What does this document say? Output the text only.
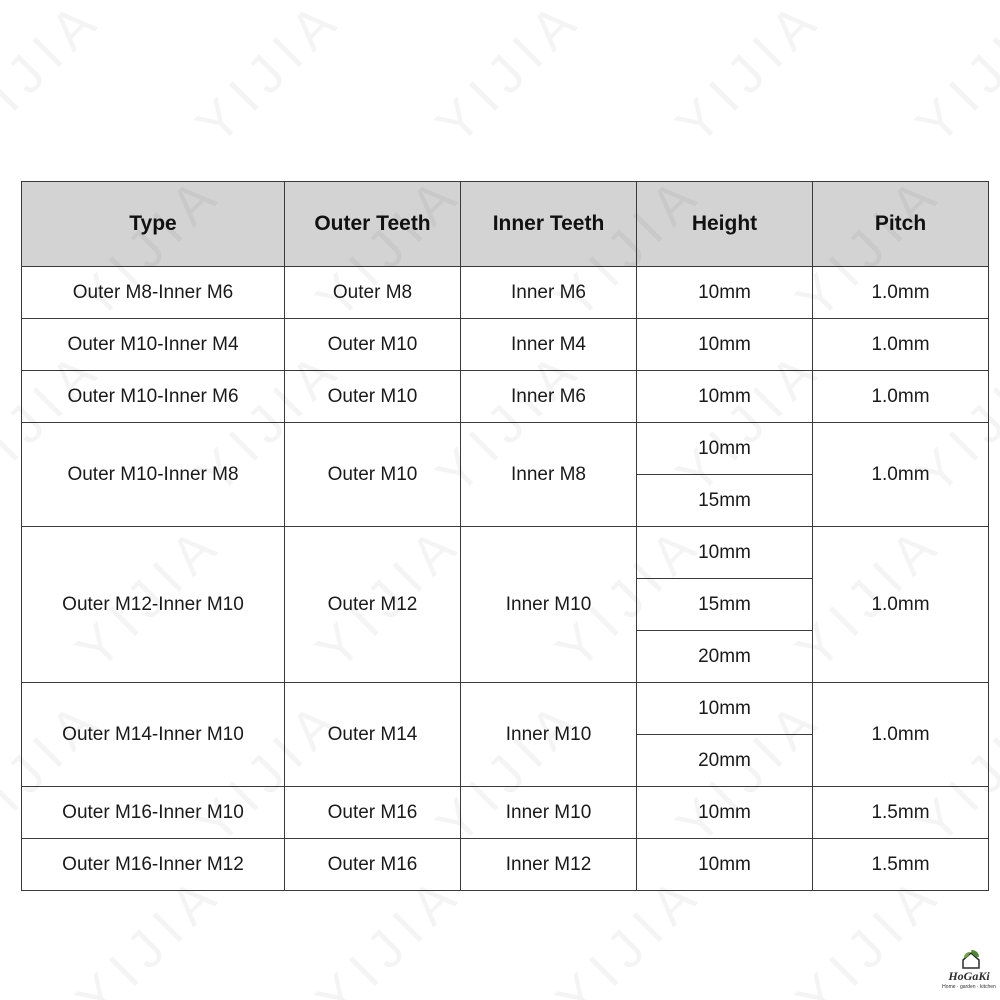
Type	Outer Teeth	Inner Teeth	Height	Pitch
Outer M8-Inner M6	Outer M8	Inner M6	10mm	1.0mm
Outer M10-Inner M4	Outer M10	Inner M4	10mm	1.0mm
Outer M10-Inner M6	Outer M10	Inner M6	10mm	1.0mm
Outer M10-Inner M8	Outer M10	Inner M8	10mm	1.0mm
			15mm	
Outer M12-Inner M10	Outer M12	Inner M10	10mm	1.0mm
			15mm	
			20mm	
Outer M14-Inner M10	Outer M14	Inner M10	10mm	1.0mm
			20mm	
Outer M16-Inner M10	Outer M16	Inner M10	10mm	1.5mm
Outer M16-Inner M12	Outer M16	Inner M12	10mm	1.5mm
HoGaKi
Home · garden · kitchen
